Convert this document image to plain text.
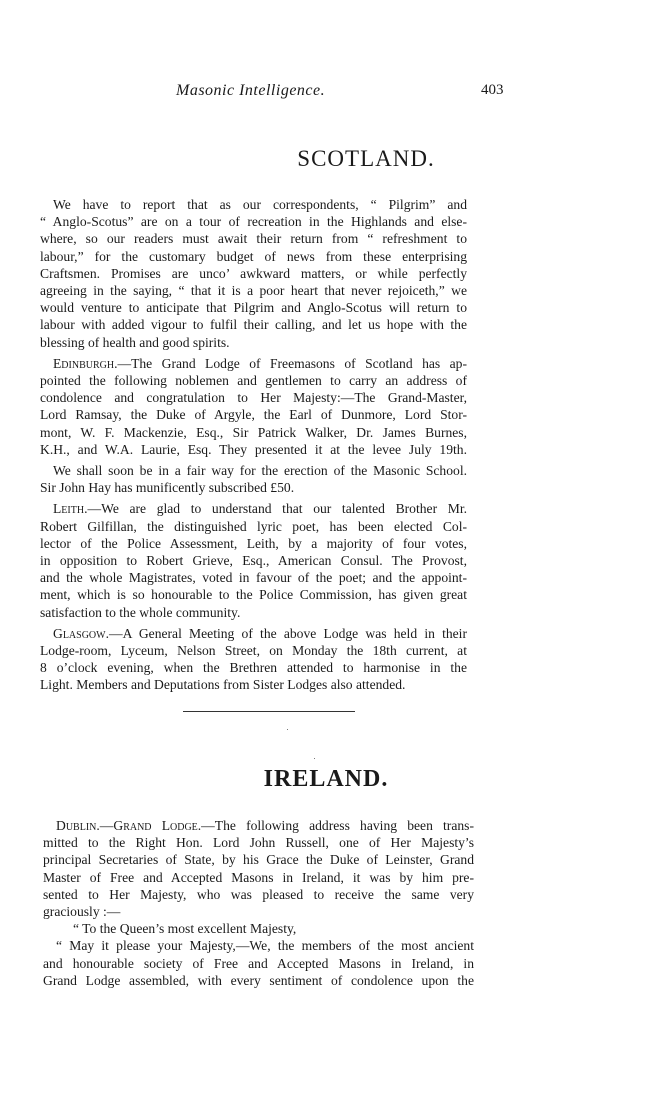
Masonic Intelligence.	403
SCOTLAND.

We have to report that as our correspondents, “ Pilgrim” and
“ Anglo-Scotus” are on a tour of recreation in the Highlands and else-
where, so our readers must await their return from “ refreshment to
labour,” for the customary budget of news from these enterprising
Craftsmen. Promises are unco’ awkward matters, or while perfectly
agreeing in the saying, “ that it is a poor heart that never rejoiceth,” we
would venture to anticipate that Pilgrim and Anglo-Scotus will return to
labour with added vigour to fulfil their calling, and let us hope with the
blessing of health and good spirits.

Edinburgh.—The Grand Lodge of Freemasons of Scotland has ap-
pointed the following noblemen and gentlemen to carry an address of
condolence and congratulation to Her Majesty:—The Grand-Master,
Lord Ramsay, the Duke of Argyle, the Earl of Dunmore, Lord Stor-
mont, W. F. Mackenzie, Esq., Sir Patrick Walker, Dr. James Burnes,
K.H., and W.A. Laurie, Esq. They presented it at the levee July 19th.

We shall soon be in a fair way for the erection of the Masonic School.
Sir John Hay has munificently subscribed £50.

Leith.—We are glad to understand that our talented Brother Mr.
Robert Gilfillan, the distinguished lyric poet, has been elected Col-
lector of the Police Assessment, Leith, by a majority of four votes,
in opposition to Robert Grieve, Esq., American Consul. The Provost,
and the whole Magistrates, voted in favour of the poet; and the appoint-
ment, which is so honourable to the Police Commission, has given great
satisfaction to the whole community.

Glasgow.—A General Meeting of the above Lodge was held in their
Lodge-room, Lyceum, Nelson Street, on Monday the 18th current, at
8 o’clock evening, when the Brethren attended to harmonise in the
Light. Members and Deputations from Sister Lodges also attended.

IRELAND.

Dublin.—Grand Lodge.—The following address having been trans-
mitted to the Right Hon. Lord John Russell, one of Her Majesty’s
principal Secretaries of State, by his Grace the Duke of Leinster, Grand
Master of Free and Accepted Masons in Ireland, it was by him pre-
sented to Her Majesty, who was pleased to receive the same very
graciously :—

“ To the Queen’s most excellent Majesty,

“ May it please your Majesty,—We, the members of the most ancient
and honourable society of Free and Accepted Masons in Ireland, in
Grand Lodge assembled, with every sentiment of condolence upon the
